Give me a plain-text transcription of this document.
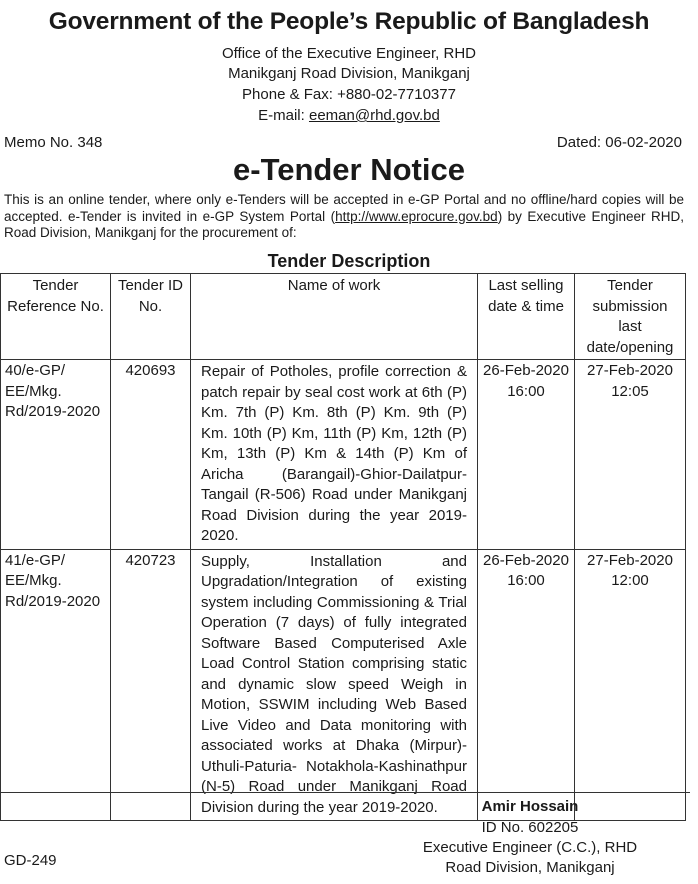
Government of the People’s Republic of Bangladesh
Office of the Executive Engineer, RHD
Manikganj Road Division, Manikganj
Phone & Fax: +880-02-7710377
E-mail: eeman@rhd.gov.bd
Memo No. 348	Dated: 06-02-2020
e-Tender Notice
This is an online tender, where only e-Tenders will be accepted in e-GP Portal and no offline/hard copies will be accepted. e-Tender is invited in e-GP System Portal (http://www.eprocure.gov.bd) by Executive Engineer RHD, Road Division, Manikganj for the procurement of:
Tender Description
Tender Reference No.	Tender ID No.	Name of work	Last selling date & time	Tender submission last date/opening
40/e-GP/ EE/Mkg. Rd/2019-2020	420693	Repair of Potholes, profile correction & patch repair by seal cost work at 6th (P) Km. 7th (P) Km. 8th (P) Km. 9th (P) Km. 10th (P) Km, 11th (P) Km, 12th (P) Km, 13th (P) Km & 14th (P) Km of Aricha (Barangail)-Ghior-Dailatpur-Tangail (R-506) Road under Manikganj Road Division during the year 2019-2020.	26-Feb-2020 16:00	27-Feb-2020 12:05
41/e-GP/ EE/Mkg. Rd/2019-2020	420723	Supply, Installation and Upgradation/Integration of existing system including Commissioning & Trial Operation (7 days) of fully integrated Software Based Computerised Axle Load Control Station comprising static and dynamic slow speed Weigh in Motion, SSWIM including Web Based Live Video and Data monitoring with associated works at Dhaka (Mirpur)-Uthuli-Paturia- Notakhola-Kashinathpur (N-5) Road under Manikganj Road Division during the year 2019-2020.	26-Feb-2020 16:00	27-Feb-2020 12:00
Amir Hossain
ID No. 602205
Executive Engineer (C.C.), RHD
Road Division, Manikganj
GD-249
